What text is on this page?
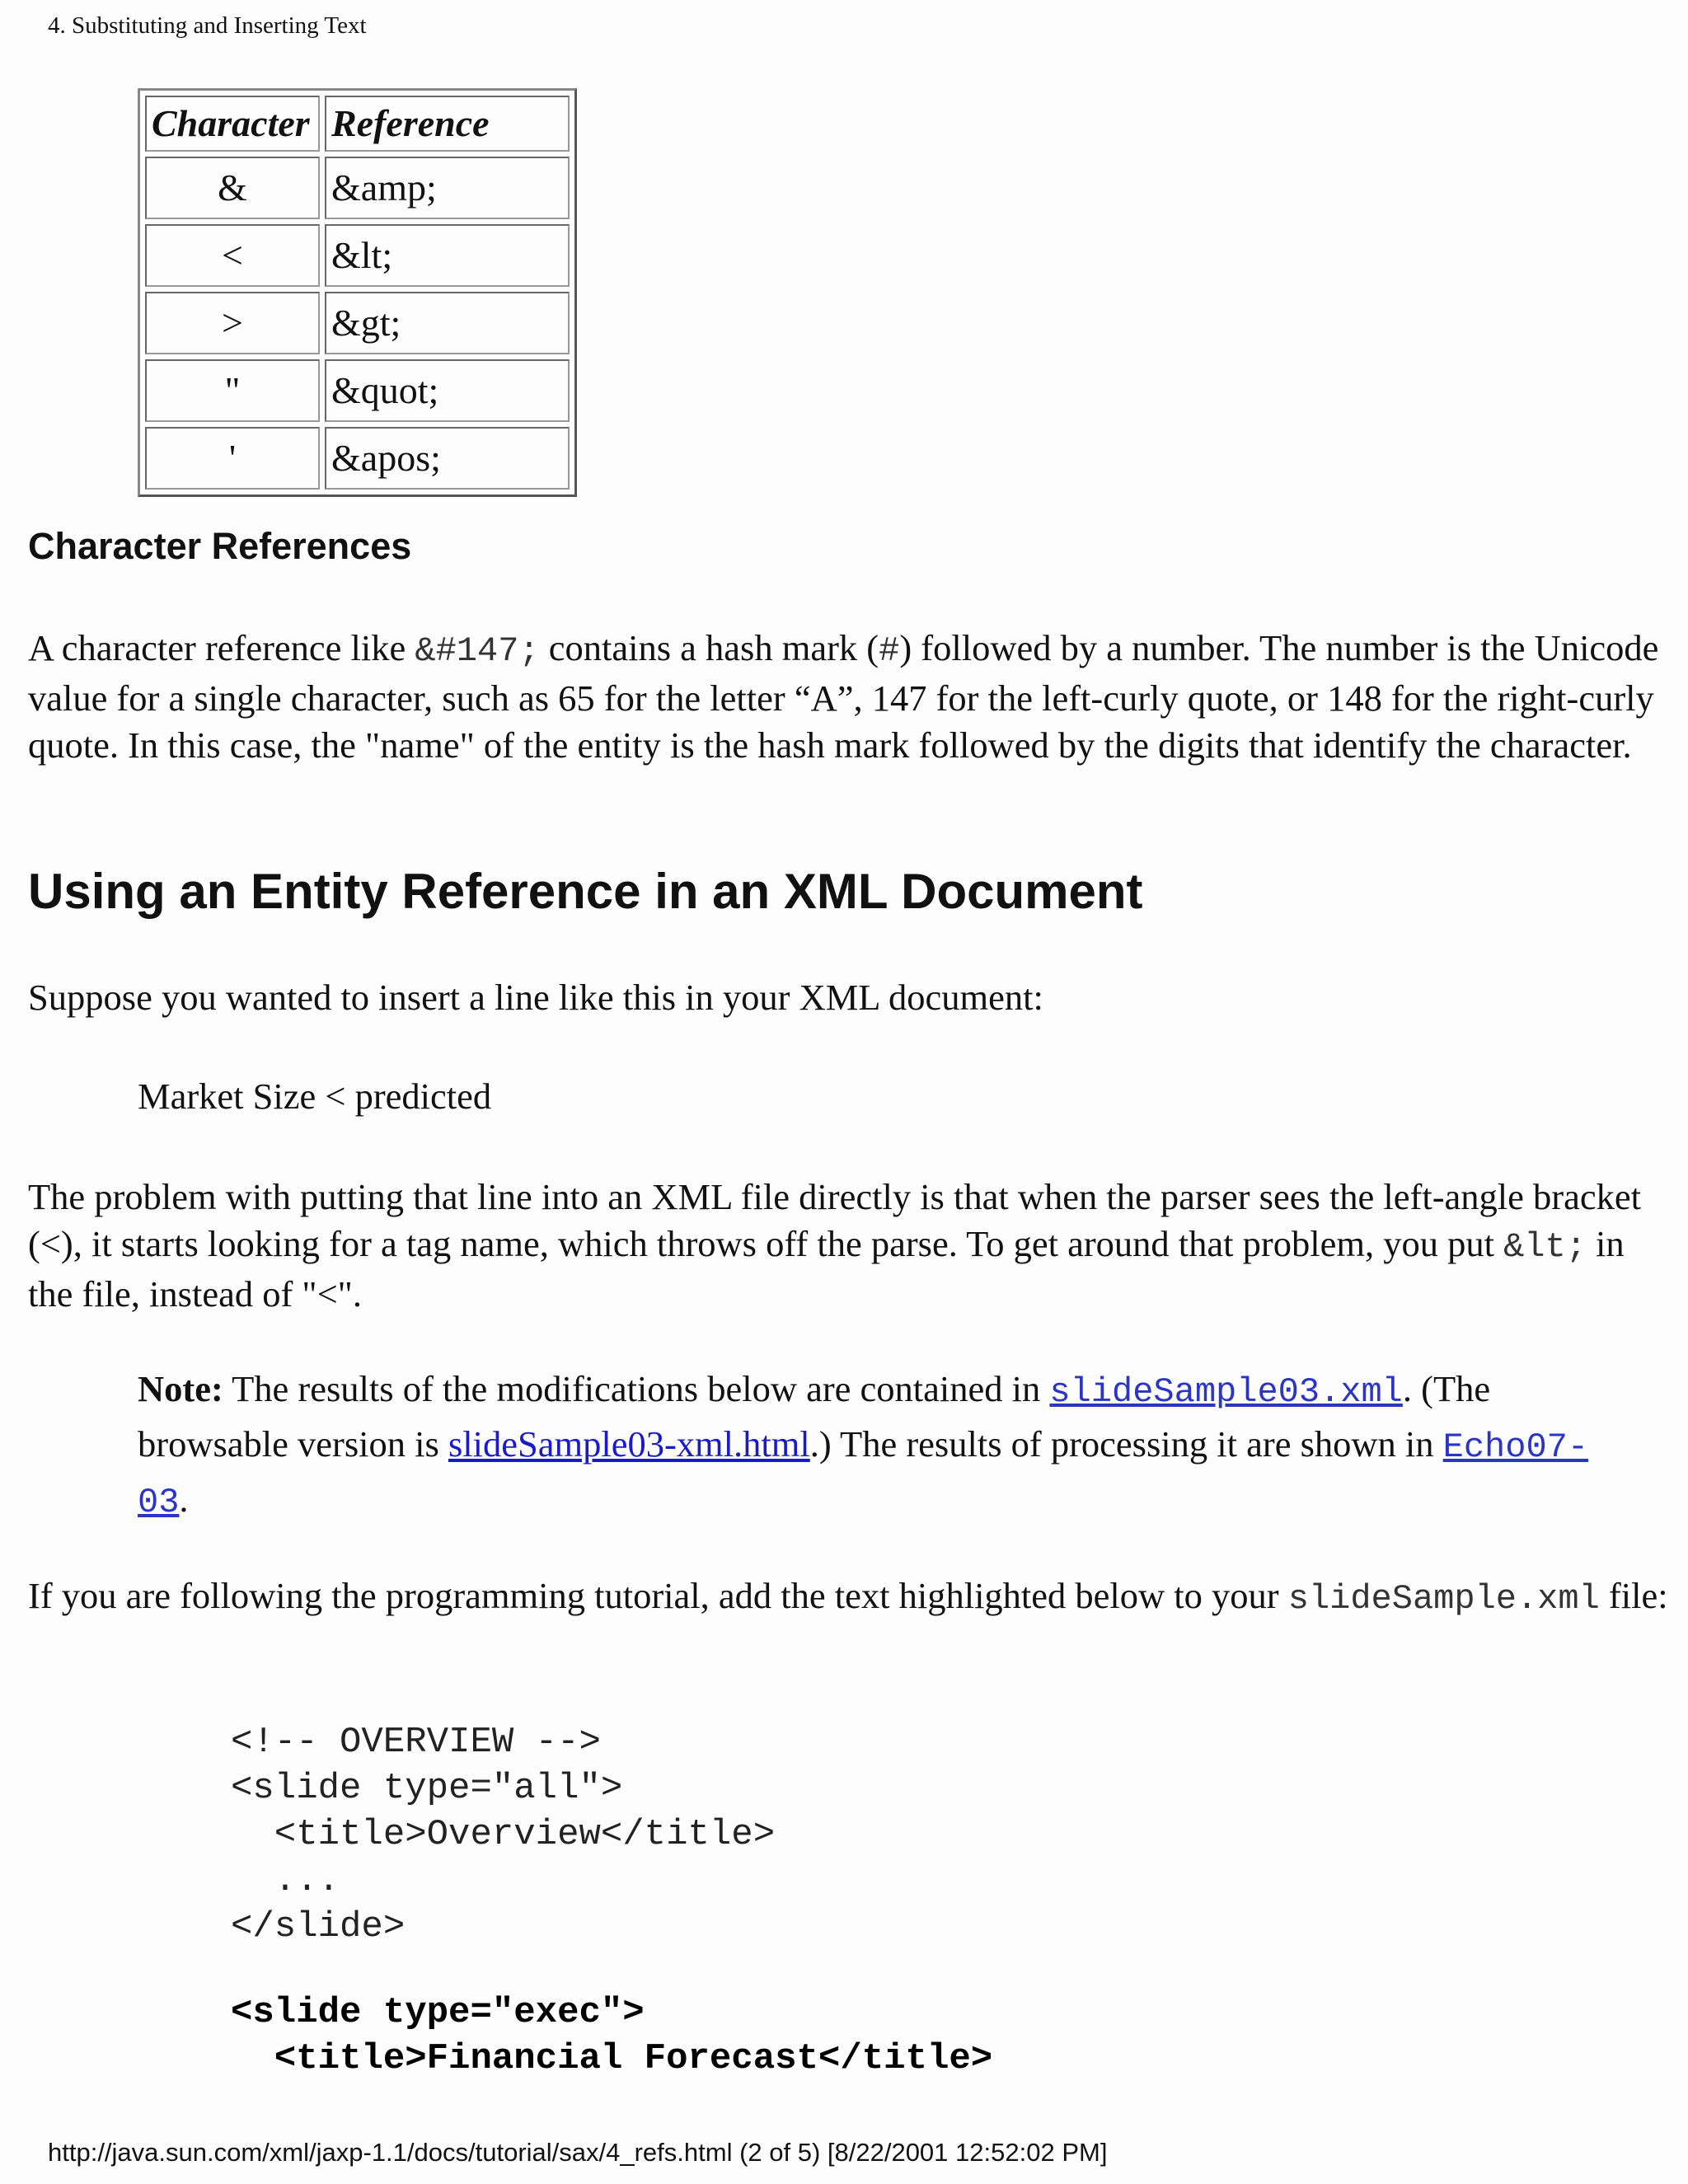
4. Substituting and Inserting Text
Character	Reference
&	&amp;
<	&lt;
>	&gt;
"	&quot;
'	&apos;
Character References

A character reference like &#147; contains a hash mark (#) followed by a number. The number is the Unicode value for a single character, such as 65 for the letter “A”, 147 for the left-curly quote, or 148 for the right-curly quote. In this case, the "name" of the entity is the hash mark followed by the digits that identify the character.

Using an Entity Reference in an XML Document

Suppose you wanted to insert a line like this in your XML document:

Market Size < predicted

The problem with putting that line into an XML file directly is that when the parser sees the left-angle bracket (<), it starts looking for a tag name, which throws off the parse. To get around that problem, you put &lt; in the file, instead of "<".

Note: The results of the modifications below are contained in slideSample03.xml. (The browsable version is slideSample03-xml.html.) The results of processing it are shown in Echo07-03.

If you are following the programming tutorial, add the text highlighted below to your slideSample.xml file:

<!-- OVERVIEW -->
<slide type="all">
<title>Overview</title>
...
</slide>
<slide type="exec">
<title>Financial Forecast</title>
http://java.sun.com/xml/jaxp-1.1/docs/tutorial/sax/4_refs.html (2 of 5) [8/22/2001 12:52:02 PM]
